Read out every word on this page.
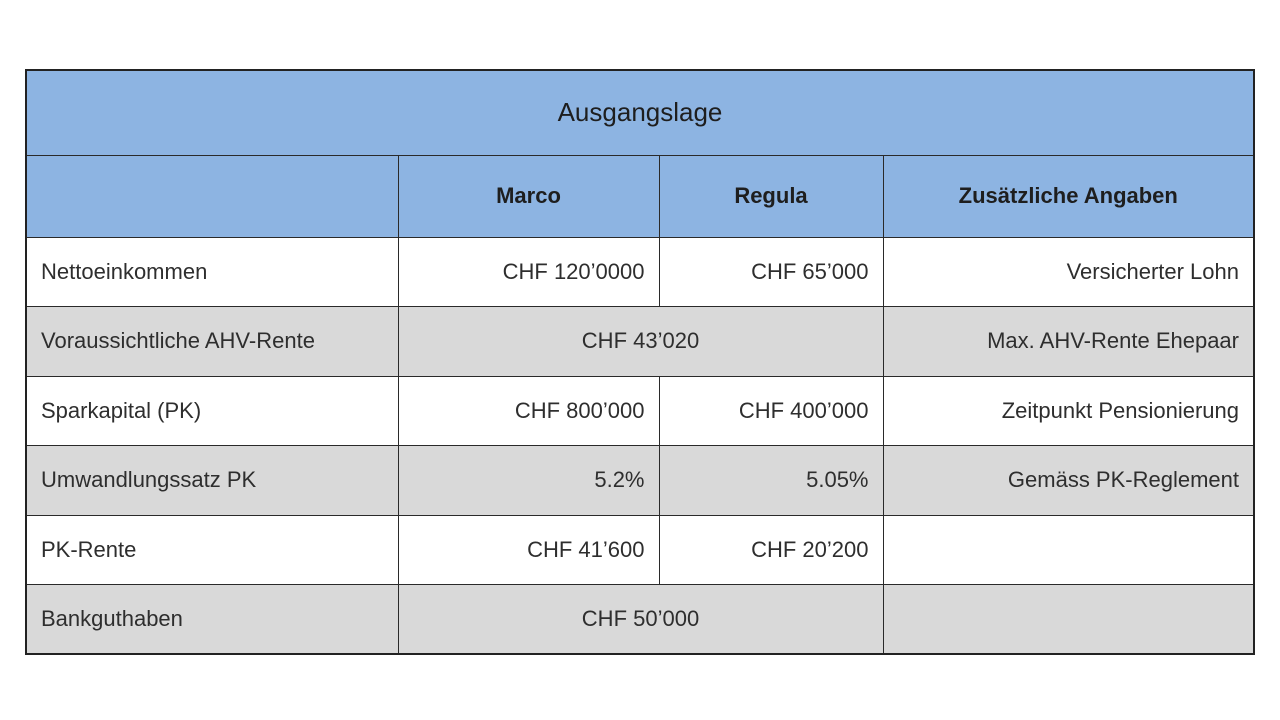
Ausgangslage			
	Marco	Regula	Zusätzliche Angaben
Nettoeinkommen	CHF 120’0000	CHF 65’000	Versicherter Lohn
Voraussichtliche AHV-Rente	CHF 43’020		Max. AHV-Rente Ehepaar
Sparkapital (PK)	CHF 800’000	CHF 400’000	Zeitpunkt Pensionierung
Umwandlungssatz PK	5.2%	5.05%	Gemäss PK-Reglement
PK-Rente	CHF 41’600	CHF 20’200	
Bankguthaben	CHF 50’000		
